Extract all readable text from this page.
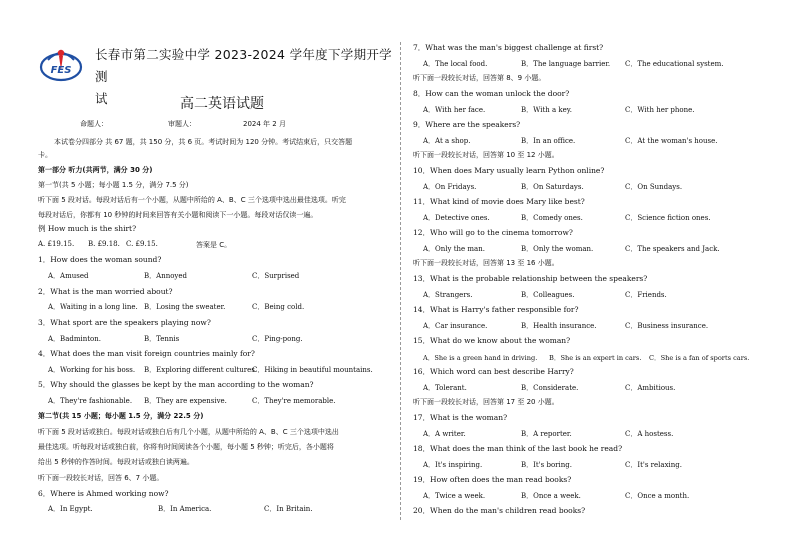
FES
长春市第二实验中学 2023-2024 学年度下学期开学测
试	高二英语试题
命题人：	审题人：	2024 年 2 月
本试卷分四部分 共 67 题，共 150 分，共 6 页。考试时间为 120 分钟。考试结束后，只交答题
卡。
第一部分 听力(共两节，满分 30 分)
第一节(共 5 小题；每小题 1.5 分，满分 7.5 分)
听下面 5 段对话。每段对话后有一个小题，从题中所给的 A、B、C 三个选项中选出最佳选项。听完
每段对话后，你都有 10 秒钟的时间来回答有关小题和阅读下一小题。每段对话仅读一遍。
例 How much is the shirt?
A. £19.15. B. £9.18. C. £9.15.	答案是 C。
1．How does the woman sound?
A．Amused	B．Annoyed	C．Surprised
2．What is the man worried about?
A．Waiting in a long line. B．Losing the sweater.	C．Being cold.
3．What sport are the speakers playing now?
A．Badminton.	B．Tennis	C．Ping-pong.
4．What does the man visit foreign countries mainly for?
A．Working for his boss. B．Exploring different cultures.
C．Hiking in beautiful mountains.
5．Why should the glasses be kept by the man according to the woman?
A．They're fashionable. B．They are expensive.	C．They're memorable.
第二节(共 15 小题；每小题 1.5 分，满分 22.5 分)
听下面 5 段对话或独白。每段对话或独白后有几个小题，从题中所给的 A、B、C 三个选项中选出
最佳选项。听每段对话或独白前，你将有时间阅读各个小题，每小题 5 秒钟；听完后，各小题将
给出 5 秒钟的作答时间。每段对话或独白读两遍。
听下面一段较长对话，回答 6、7 小题。
6．Where is Ahmed working now?
A．In Egypt.	B．In America.	C．In Britain.
7．What was the man's biggest challenge at first?
A．The local food.	B．The language barrier. C．The educational system.
听下面一段较长对话，回答第 8、9 小题。
8．How can the woman unlock the door?
A．With her face.	B．With a key.	C．With her phone.
9．Where are the speakers?
A．At a shop.	B．In an office.	C．At the woman's house.
听下面一段较长对话，回答第 10 至 12 小题。
10．When does Mary usually learn Python online?
A．On Fridays.	B．On Saturdays.	C．On Sundays.
11．What kind of movie does Mary like best?
A．Detective ones.	B．Comedy ones.	C．Science fiction ones.
12．Who will go to the cinema tomorrow?
A．Only the man.	B．Only the woman.	C．The speakers and Jack.
听下面一段较长对话，回答第 13 至 16 小题。
13．What is the probable relationship between the speakers?
A．Strangers.	B．Colleagues.	C．Friends.
14．What is Harry's father responsible for?
A．Car insurance.	B．Health insurance.	C．Business insurance.
15．What do we know about the woman?
A．She is a green hand in driving. B．She is an expert in cars. C．She is a fan of sports cars.
16．Which word can best describe Harry?
A．Tolerant.	B．Considerate.	C．Ambitious.
听下面一段较长对话，回答第 17 至 20 小题。
17．What is the woman?
A．A writer.	B．A reporter.	C．A hostess.
18．What does the man think of the last book he read?
A．It's inspiring.	B．It's boring.	C．It's relaxing.
19．How often does the man read books?
A．Twice a week.	B．Once a week.	C．Once a month.
20．When do the man's children read books?
